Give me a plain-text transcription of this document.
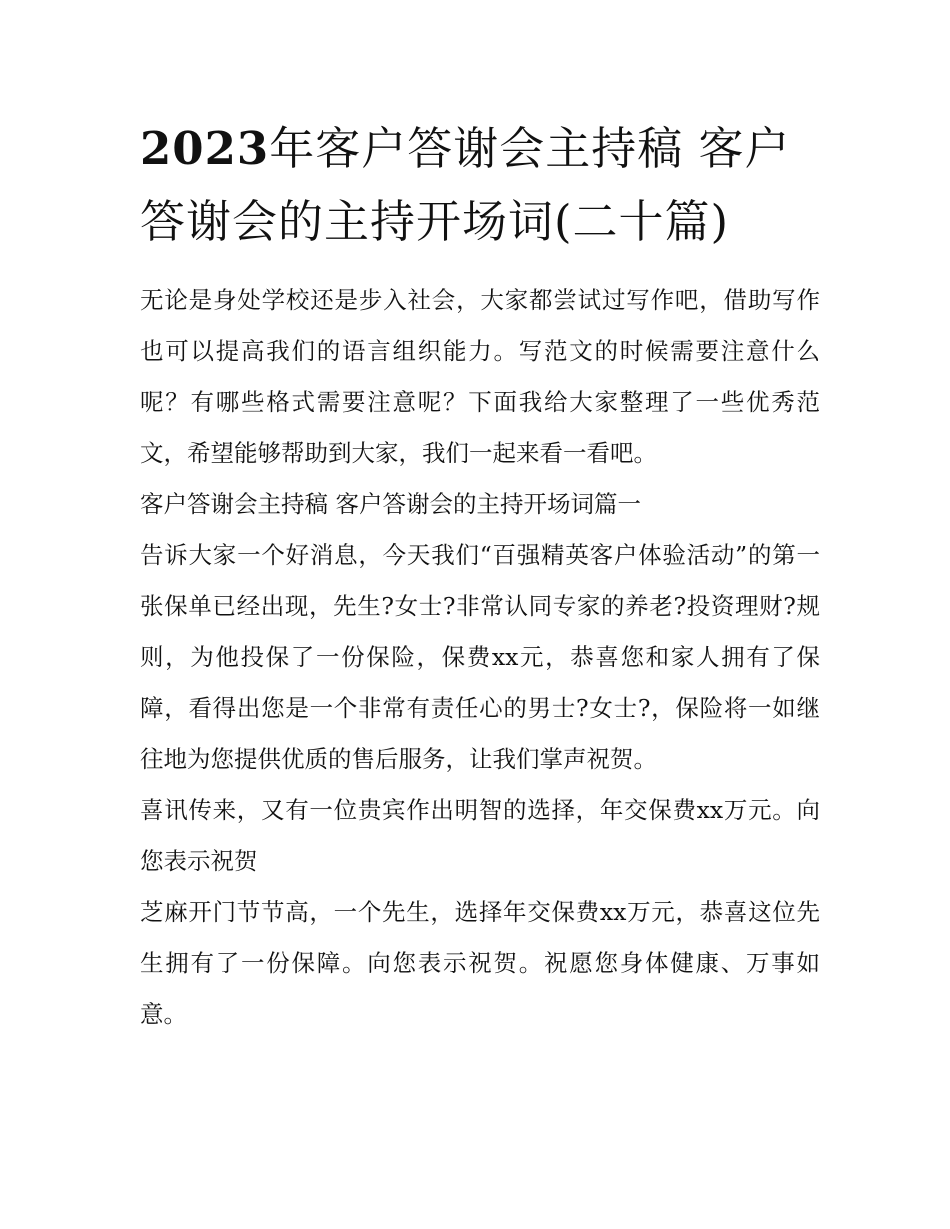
2023年客户答谢会主持稿 客户答谢会的主持开场词(二十篇)

无论是身处学校还是步入社会，大家都尝试过写作吧，借助写作也可以提高我们的语言组织能力。写范文的时候需要注意什么呢？有哪些格式需要注意呢？下面我给大家整理了一些优秀范文，希望能够帮助到大家，我们一起来看一看吧。

客户答谢会主持稿 客户答谢会的主持开场词篇一

告诉大家一个好消息，今天我们“百强精英客户体验活动”的第一张保单已经出现，先生?女士?非常认同专家的养老?投资理财?规则，为他投保了一份保险，保费xx元，恭喜您和家人拥有了保障，看得出您是一个非常有责任心的男士?女士?，保险将一如继往地为您提供优质的售后服务，让我们掌声祝贺。

喜讯传来，又有一位贵宾作出明智的选择，年交保费xx万元。向您表示祝贺

芝麻开门节节高，一个先生，选择年交保费xx万元，恭喜这位先生拥有了一份保障。向您表示祝贺。祝愿您身体健康、万事如意。
